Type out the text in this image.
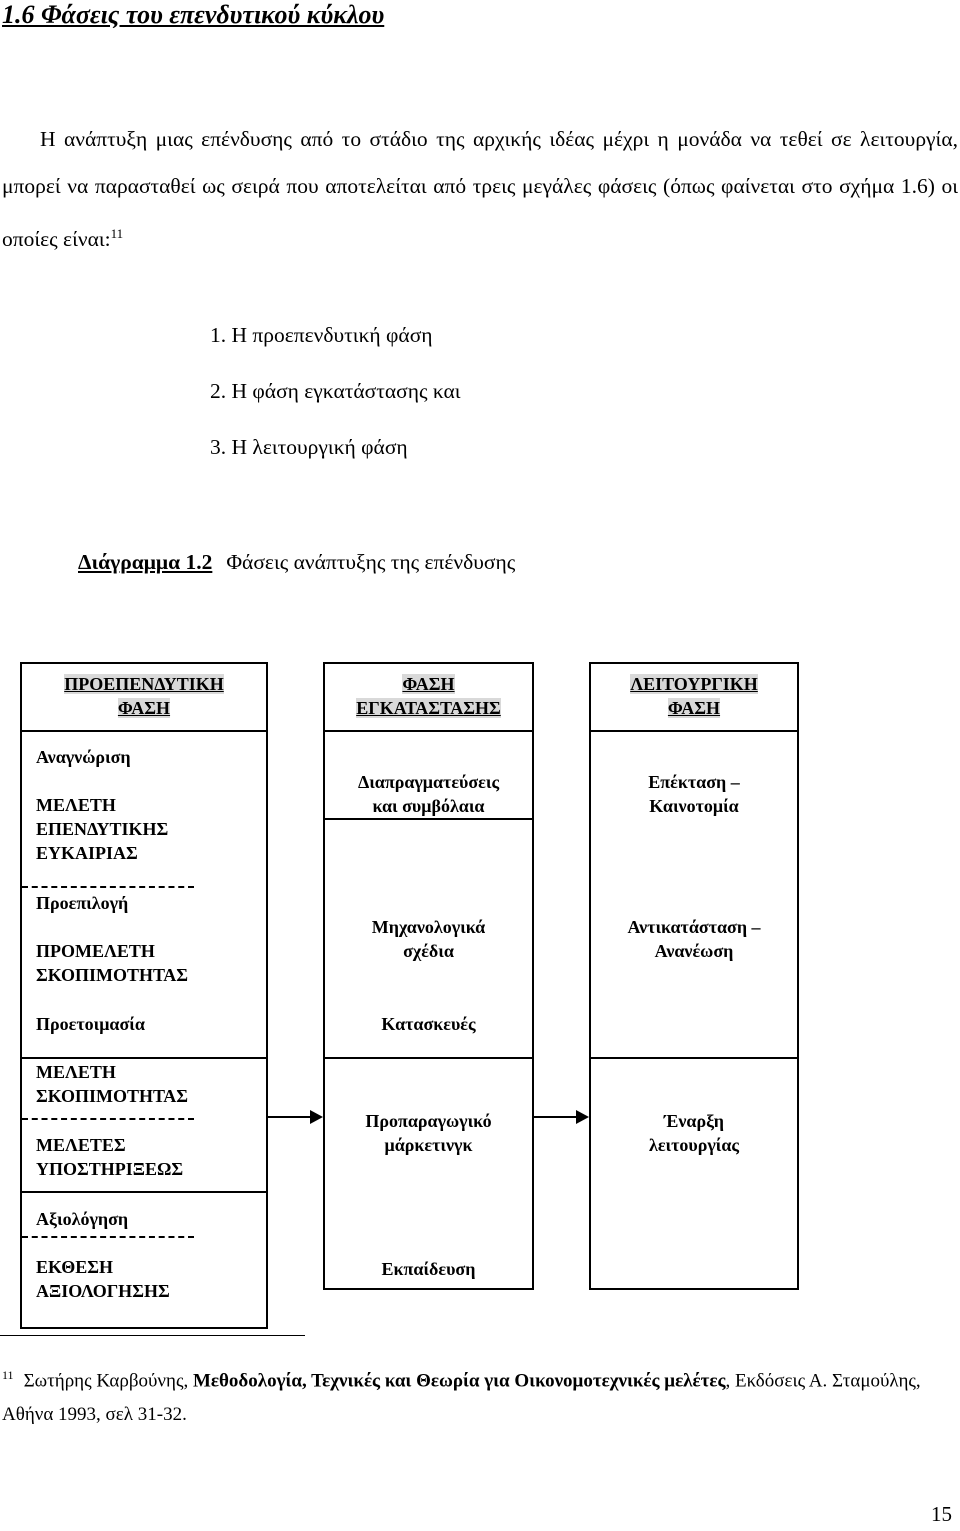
1.6 Φάσεις του επενδυτικού κύκλου
Η ανάπτυξη μιας επένδυσης από το στάδιο της αρχικής ιδέας μέχρι η μονάδα να τεθεί σε λειτουργία, μπορεί να παρασταθεί ως σειρά που αποτελείται από τρεις μεγάλες φάσεις (όπως φαίνεται στο σχήμα 1.6) οι οποίες είναι:$^{11}$
1. Η προεπενδυτική φάση
2. Η φάση εγκατάστασης και
3. Η λειτουργική φάση
Διάγραμμα 1.2 Φάσεις ανάπτυξης της επένδυσης
ΠΡΟΕΠΕΝΔΥΤΙΚΗ
ΦΑΣΗ
Αναγνώριση
ΜΕΛΕΤΗ
ΕΠΕΝΔΥΤΙΚΗΣ
ΕΥΚΑΙΡΙΑΣ
Προεπιλογή
ΠΡΟΜΕΛΕΤΗ
ΣΚΟΠΙΜΟΤΗΤΑΣ
Προετοιμασία
ΜΕΛΕΤΗ
ΣΚΟΠΙΜΟΤΗΤΑΣ
ΜΕΛΕΤΕΣ
ΥΠΟΣΤΗΡΙΞΕΩΣ
Αξιολόγηση
ΕΚΘΕΣΗ
ΑΞΙΟΛΟΓΗΣΗΣ
ΦΑΣΗ
ΕΓΚΑΤΑΣΤΑΣΗΣ
Διαπραγματεύσεις
και συμβόλαια
Μηχανολογικά
σχέδια
Κατασκευές
Προπαραγωγικό
μάρκετινγκ
Εκπαίδευση
ΛΕΙΤΟΥΡΓΙΚΗ
ΦΑΣΗ
Επέκταση –
Καινοτομία
Αντικατάσταση –
Ανανέωση
Έναρξη
λειτουργίας
$^{11}$ Σωτήρης Καρβούνης, Μεθοδολογία, Τεχνικές και Θεωρία για Οικονομοτεχνικές μελέτες, Εκδόσεις Α. Σταμούλης, Αθήνα 1993, σελ 31-32.
15
